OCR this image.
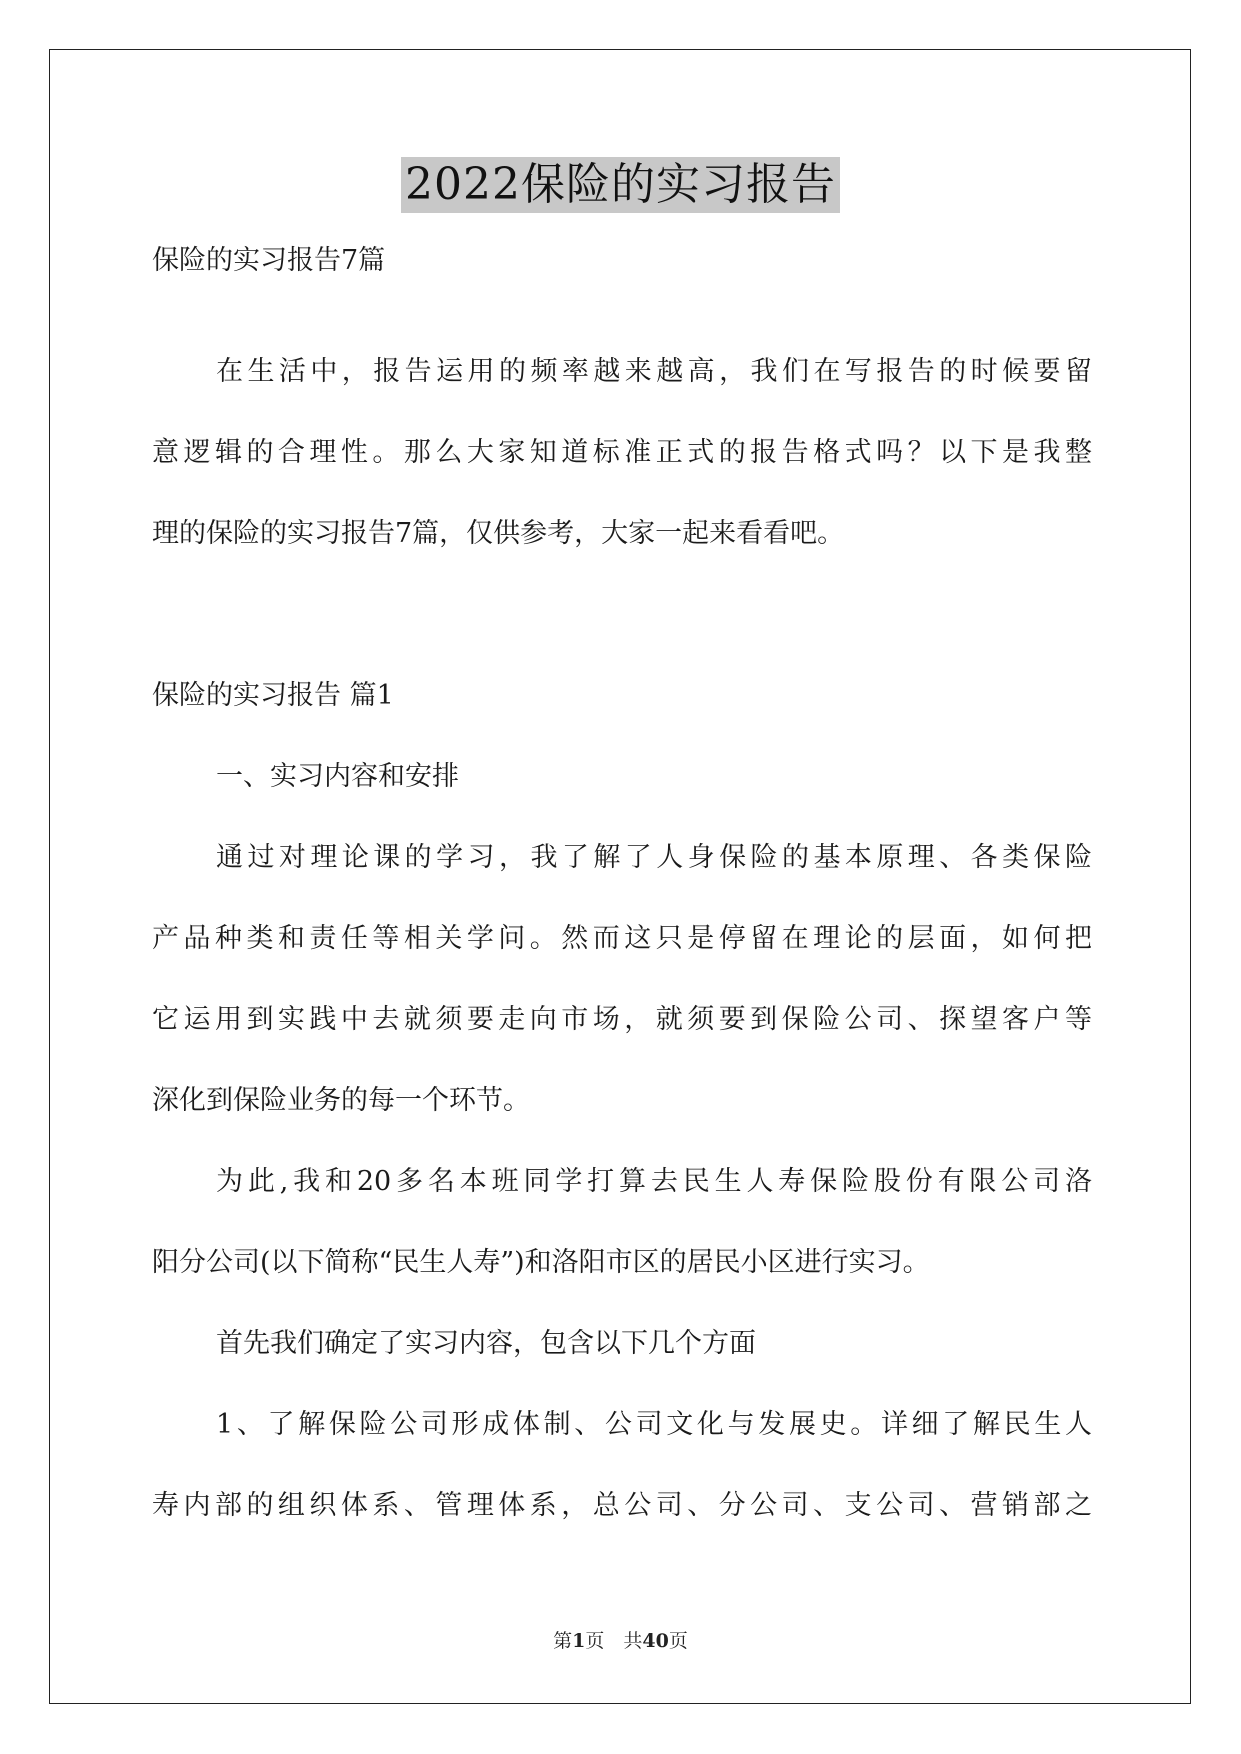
2022保险的实习报告
保险的实习报告7篇
在生活中，报告运用的频率越来越高，我们在写报告的时候要留
意逻辑的合理性。那么大家知道标准正式的报告格式吗？以下是我整
理的保险的实习报告7篇，仅供参考，大家一起来看看吧。
保险的实习报告 篇1
一、实习内容和安排
通过对理论课的学习，我了解了人身保险的基本原理、各类保险
产品种类和责任等相关学问。然而这只是停留在理论的层面，如何把
它运用到实践中去就须要走向市场，就须要到保险公司、探望客户等
深化到保险业务的每一个环节。
为此,我和20多名本班同学打算去民生人寿保险股份有限公司洛
阳分公司(以下简称“民生人寿”)和洛阳市区的居民小区进行实习。
首先我们确定了实习内容，包含以下几个方面
1、了解保险公司形成体制、公司文化与发展史。详细了解民生人
寿内部的组织体系、管理体系，总公司、分公司、支公司、营销部之
第1页　共40页
